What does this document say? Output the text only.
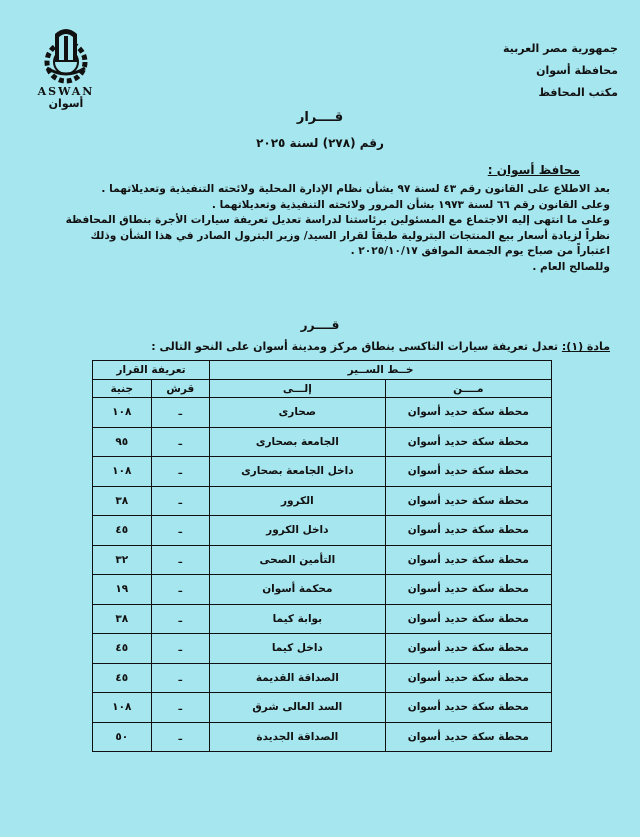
جمهورية مصر العربية
محافظة أسوان
مكتب المحافظ
ASWAN
أسوان
قــــرار
رقم (٢٧٨) لسنة ٢٠٢٥
محافظ أسوان :

بعد الاطلاع على القانون رقم ٤٣ لسنة ٩٧ بشأن نظام الإدارة المحلية ولائحته التنفيذية وتعديلاتهما .

وعلى القانون رقم ٦٦ لسنة ١٩٧٣ بشأن المرور ولائحته التنفيذية وتعديلاتهما .

وعلى ما انتهى إليه الاجتماع مع المسئولين برئاستنا لدراسة تعديل تعريفة سيارات الأجرة بنطاق المحافظة

نظراً لزيادة أسعار بيع المنتجات البترولية طبقاً لقرار السيد/ وزير البترول الصادر في هذا الشأن وذلك

اعتباراً من صباح يوم الجمعة الموافق ٢٠٢٥/١٠/١٧ .

وللصالح العام .

قــــرر
مادة (١): تعدل تعريفة سيارات التاكسى بنطاق مركز ومدينة أسوان على النحو التالى :
خــط الســير		تعريفة القرار	
مــــن	إلـــى	قرش	جنية
محطة سكة حديد أسوان	صحارى	ـ	١٠٨
محطة سكة حديد أسوان	الجامعة بصحارى	ـ	٩٥
محطة سكة حديد أسوان	داخل الجامعة بصحارى	ـ	١٠٨
محطة سكة حديد أسوان	الكرور	ـ	٣٨
محطة سكة حديد أسوان	داخل الكرور	ـ	٤٥
محطة سكة حديد أسوان	التأمين الصحى	ـ	٣٢
محطة سكة حديد أسوان	محكمة أسوان	ـ	١٩
محطة سكة حديد أسوان	بوابة كيما	ـ	٣٨
محطة سكة حديد أسوان	داخل كيما	ـ	٤٥
محطة سكة حديد أسوان	الصداقة القديمة	ـ	٤٥
محطة سكة حديد أسوان	السد العالى شرق	ـ	١٠٨
محطة سكة حديد أسوان	الصداقة الجديدة	ـ	٥٠
